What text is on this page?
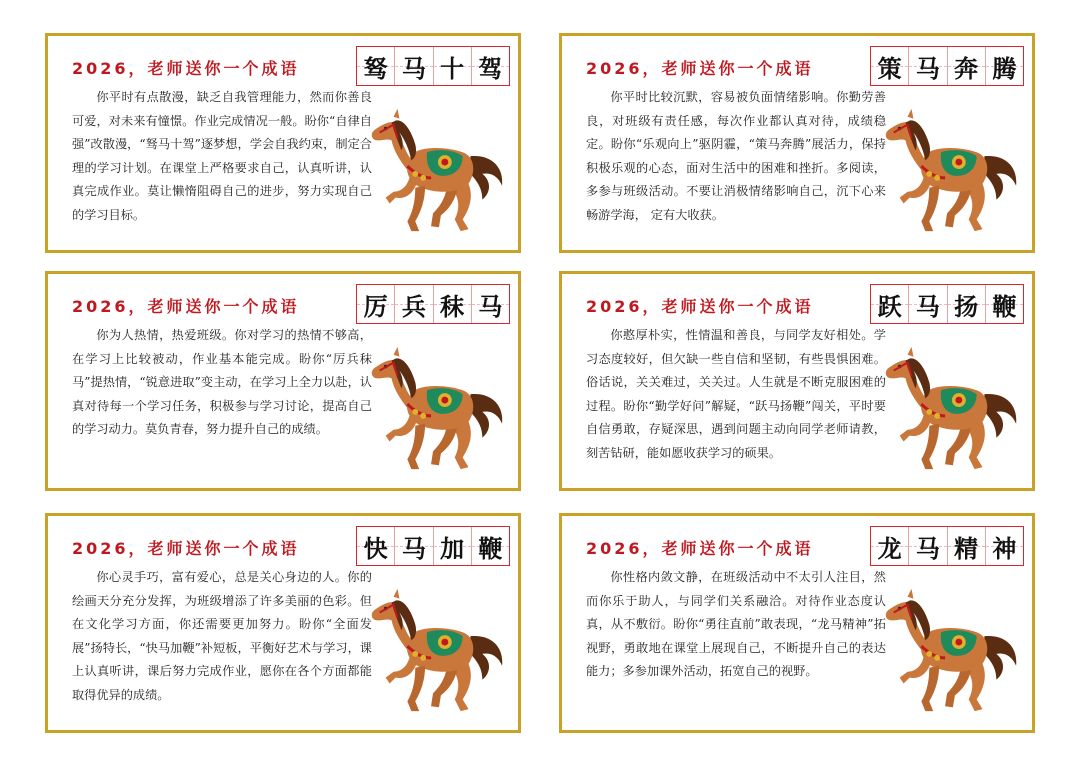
2026，老师送你一个成语	驽 马 十 驾
你平时有点散漫，缺乏自我管理能力，然而你善良可爱，对未来有憧憬。作业完成情况一般。盼你“自律自强”改散漫，“驽马十驾”逐梦想，学会自我约束，制定合理的学习计划。在课堂上严格要求自己，认真听讲，认真完成作业。莫让懒惰阻碍自己的进步，努力实现自己的学习目标。
2026，老师送你一个成语	策 马 奔 腾
你平时比较沉默，容易被负面情绪影响。你勤劳善良，对班级有责任感，每次作业都认真对待，成绩稳定。盼你“乐观向上”驱阴霾，“策马奔腾”展活力，保持积极乐观的心态，面对生活中的困难和挫折。多阅读，多参与班级活动。不要让消极情绪影响自己，沉下心来畅游学海， 定有大收获。
2026，老师送你一个成语	厉 兵 秣 马
你为人热情，热爱班级。你对学习的热情不够高，在学习上比较被动，作业基本能完成。盼你“厉兵秣马”提热情，“锐意进取”变主动，在学习上全力以赴，认真对待每一个学习任务，积极参与学习讨论，提高自己的学习动力。莫负青春，努力提升自己的成绩。
2026，老师送你一个成语	跃 马 扬 鞭
你憨厚朴实，性情温和善良，与同学友好相处。学习态度较好，但欠缺一些自信和坚韧，有些畏惧困难。俗话说，关关难过，关关过。人生就是不断克服困难的过程。盼你“勤学好问”解疑，“跃马扬鞭”闯关，平时要自信勇敢，存疑深思，遇到问题主动向同学老师请教，刻苦钻研，能如愿收获学习的硕果。
2026，老师送你一个成语	快 马 加 鞭
你心灵手巧，富有爱心，总是关心身边的人。你的绘画天分充分发挥，为班级增添了许多美丽的色彩。但在文化学习方面，你还需要更加努力。盼你“全面发展”扬特长，“快马加鞭”补短板，平衡好艺术与学习，课上认真听讲，课后努力完成作业，愿你在各个方面都能取得优异的成绩。
2026，老师送你一个成语	龙 马 精 神
你性格内敛文静，在班级活动中不太引人注目，然而你乐于助人，与同学们关系融洽。对待作业态度认真，从不敷衍。盼你“勇往直前”敢表现，“龙马精神”拓视野，勇敢地在课堂上展现自己，不断提升自己的表达能力；多参加课外活动，拓宽自己的视野。
